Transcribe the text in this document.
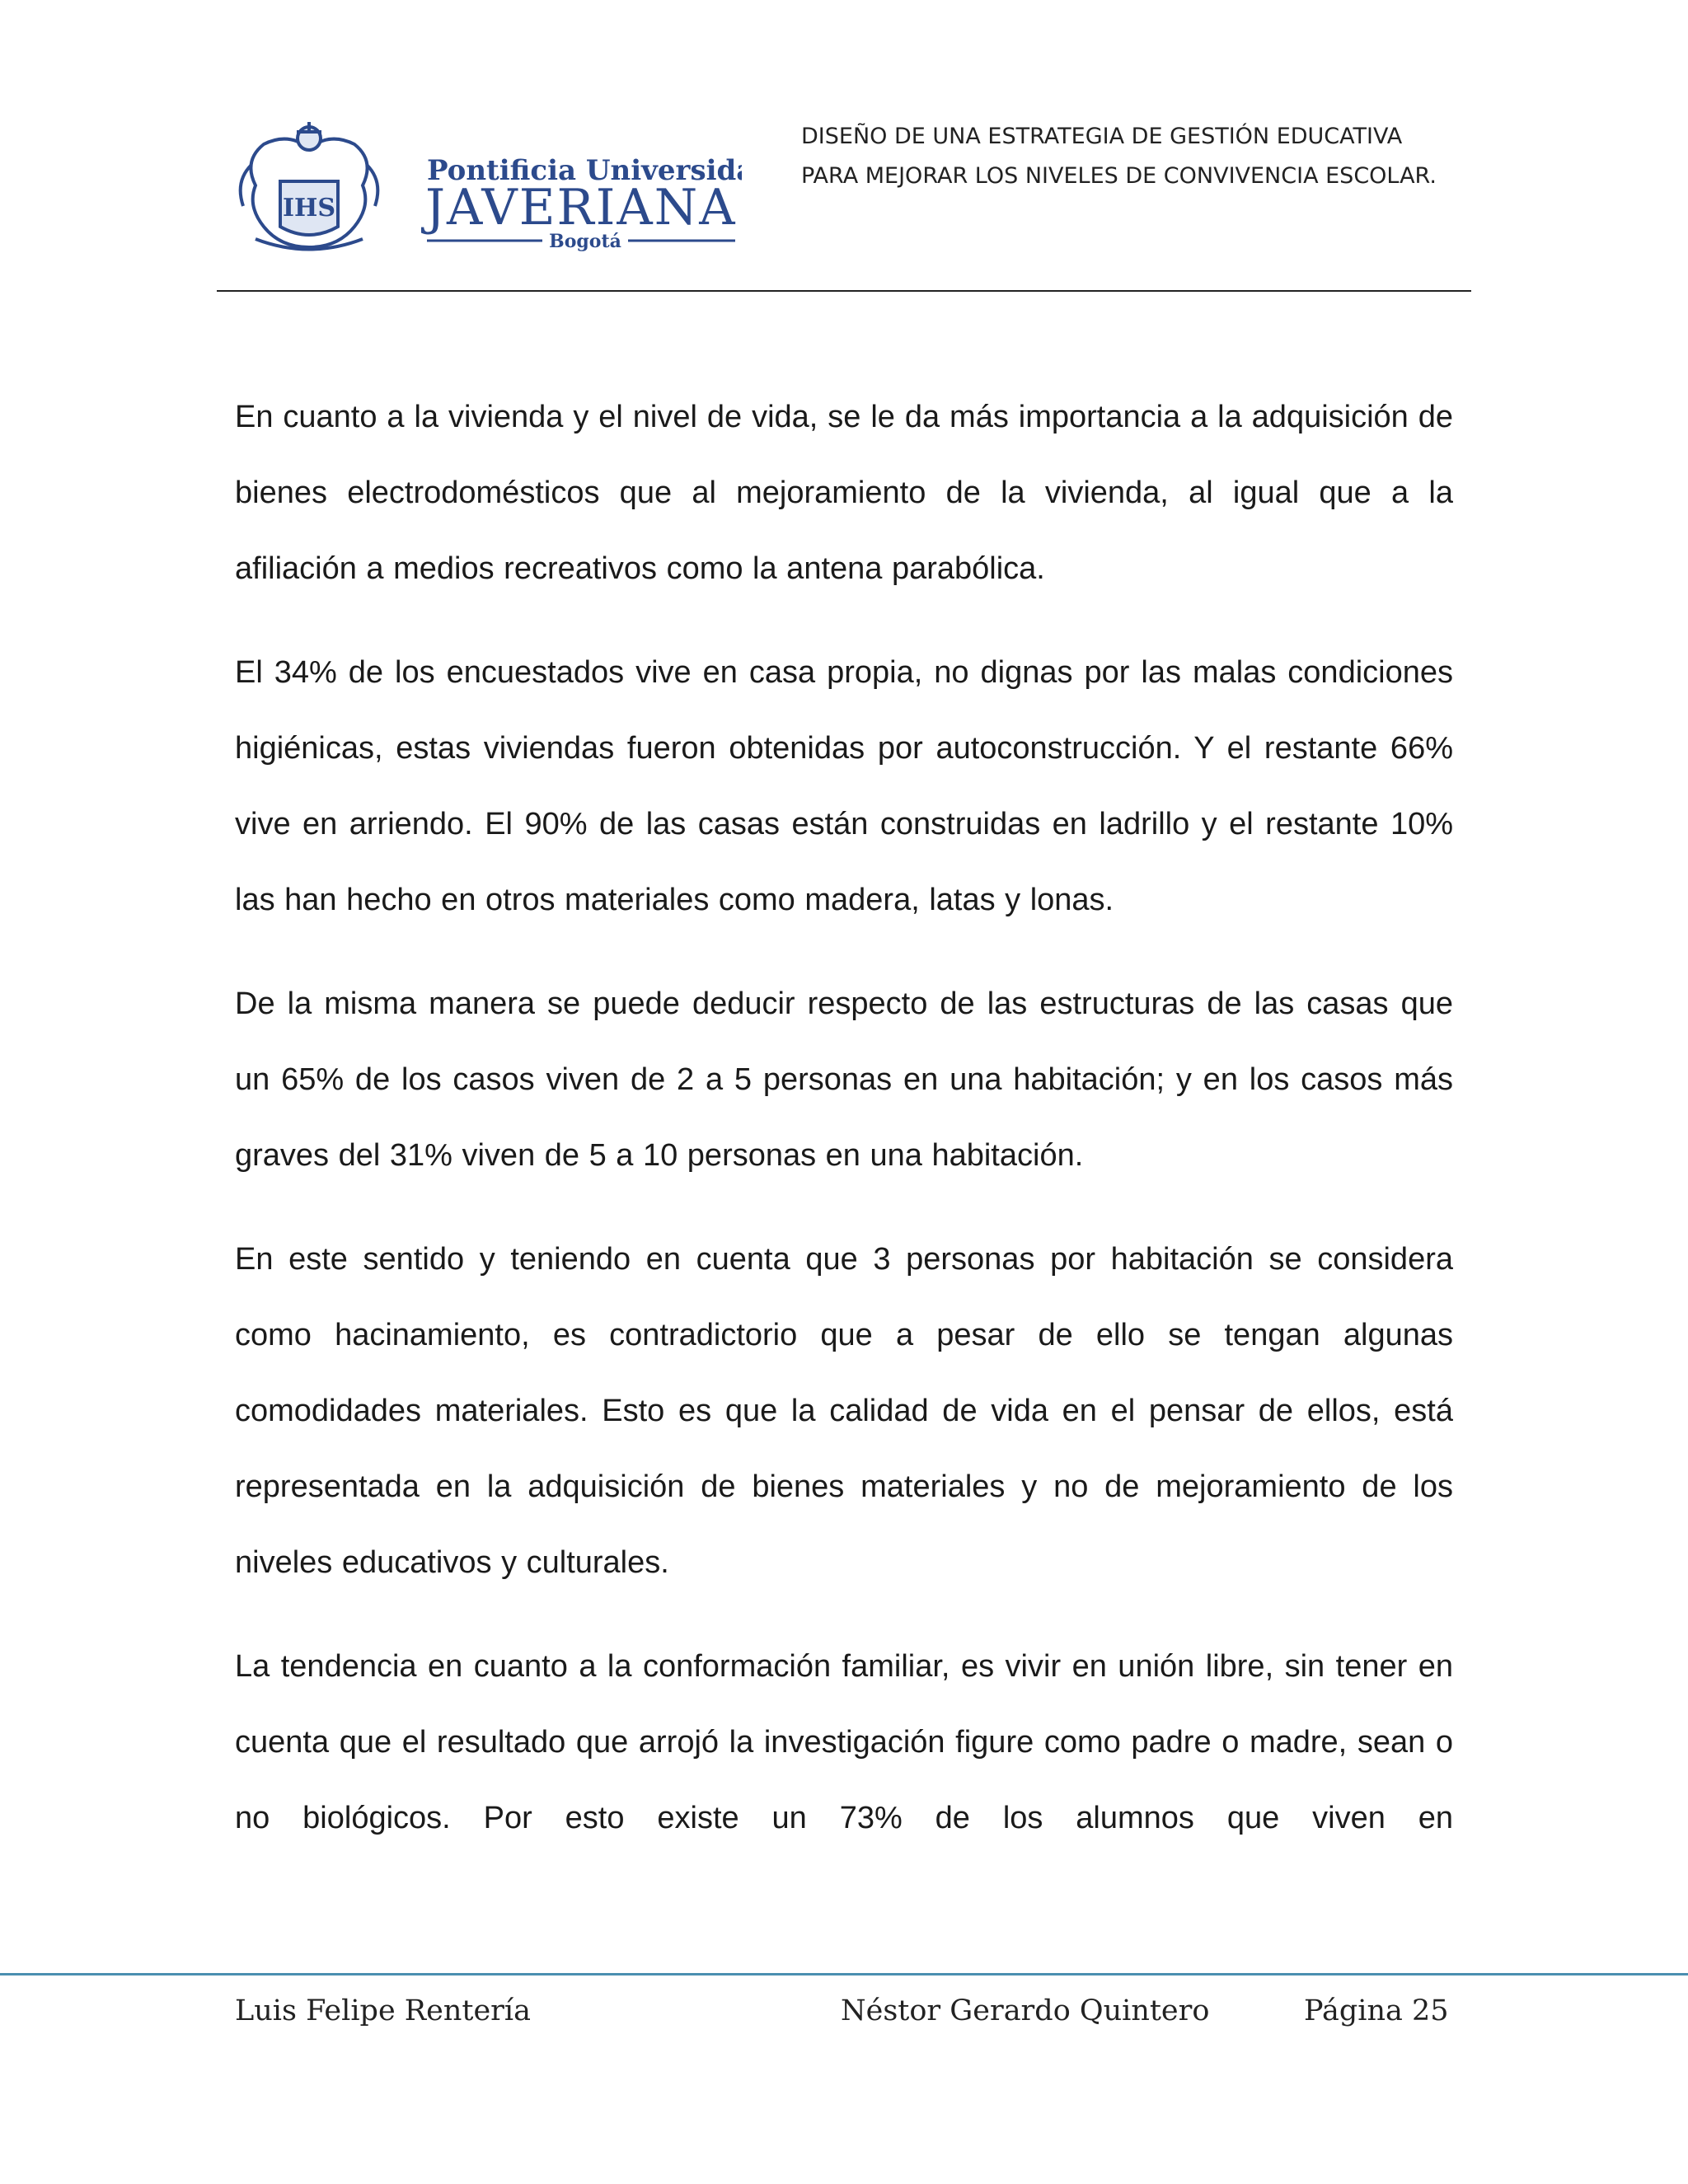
IHS
Pontificia Universidad
JAVERIANA
Bogotá
DISEÑO DE UNA ESTRATEGIA DE GESTIÓN EDUCATIVA
PARA MEJORAR LOS NIVELES DE CONVIVENCIA ESCOLAR.

En cuanto a la vivienda y el nivel de vida, se le da más importancia a la adquisición de bienes electrodomésticos que al mejoramiento de la vivienda, al igual que a la afiliación a medios recreativos como la antena parabólica.

El 34% de los encuestados vive en casa propia, no dignas por las malas condiciones higiénicas, estas viviendas fueron obtenidas por autoconstrucción. Y el restante 66% vive en arriendo. El 90% de las casas están construidas en ladrillo y el restante 10% las han hecho en otros materiales como madera, latas y lonas.

De la misma manera se puede deducir respecto de las estructuras de las casas que un 65% de los casos viven de 2 a 5 personas en una habitación; y en los casos más graves del 31% viven de 5 a 10 personas en una habitación.

En este sentido y teniendo en cuenta que 3 personas por habitación se considera como hacinamiento, es contradictorio que a pesar de ello se tengan algunas comodidades materiales. Esto es que la calidad de vida en el pensar de ellos, está representada en la adquisición de bienes materiales y no de mejoramiento de los niveles educativos y culturales.

La tendencia en cuanto a la conformación familiar, es vivir en unión libre, sin tener en cuenta que el resultado que arrojó la investigación figure como padre o madre, sean o no biológicos. Por esto existe un 73% de los alumnos que viven en

Luis Felipe Rentería	Néstor Gerardo Quintero	Página 25
